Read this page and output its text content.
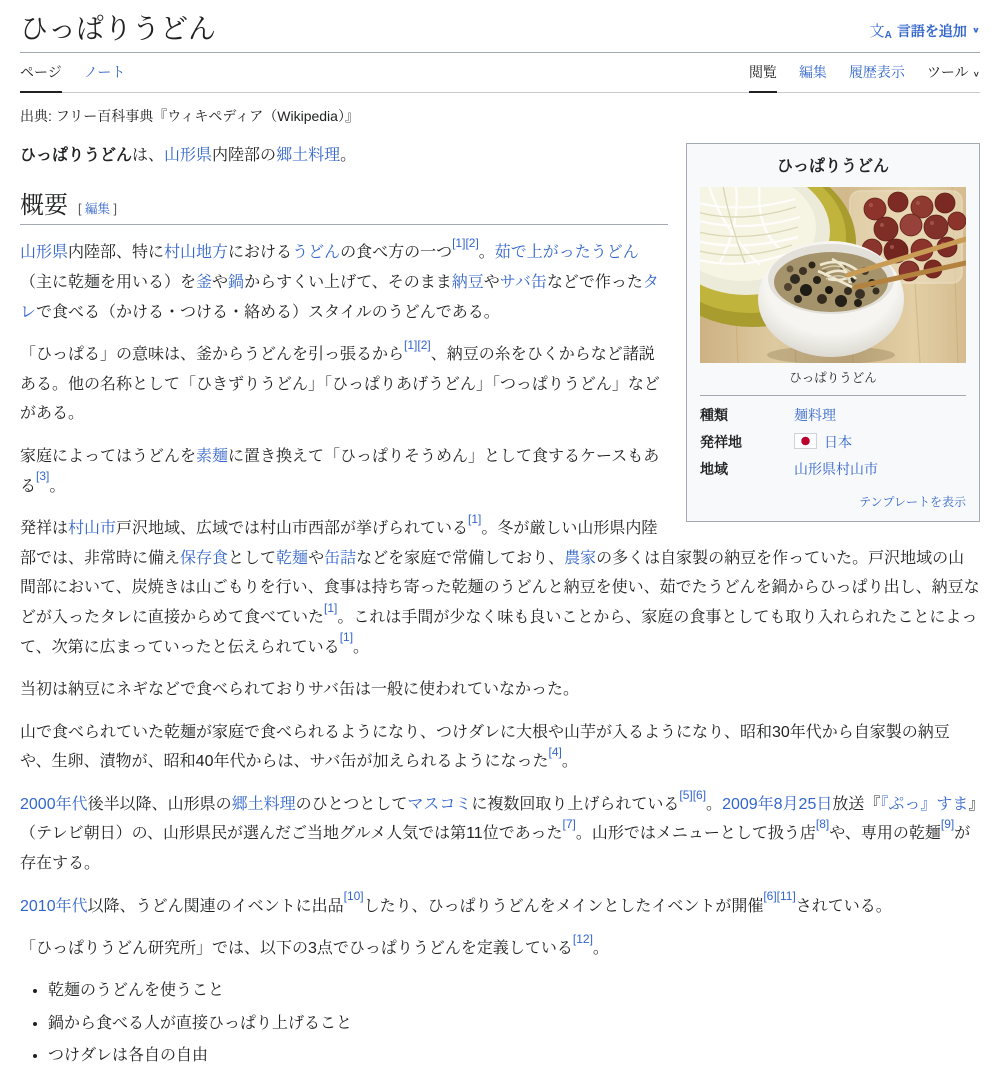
ひっぱりうどん	文$_A$ 言語を追加 ∨
ページ ノート	閲覧 編集 履歴表示 ツール ∨
出典: フリー百科事典『ウィキペディア（Wikipedia）』
ひっぱりうどん
ひっぱりうどん
種類	麺料理
発祥地	日本
地域	山形県村山市
テンプレートを表示

ひっぱりうどんは、山形県内陸部の郷土料理。

概要 [ 編集 ]

山形県内陸部、特に村山地方におけるうどんの食べ方の一つ[1][2]。茹で上がったうどん（主に乾麺を用いる）を釜や鍋からすくい上げて、そのまま納豆やサバ缶などで作ったタレで食べる（かける・つける・絡める）スタイルのうどんである。

「ひっぱる」の意味は、釜からうどんを引っ張るから[1][2]、納豆の糸をひくからなど諸説ある。他の名称として「ひきずりうどん」「ひっぱりあげうどん」「つっぱりうどん」などがある。

家庭によってはうどんを素麺に置き換えて「ひっぱりそうめん」として食するケースもある[3]。

発祥は村山市戸沢地域、広域では村山市西部が挙げられている[1]。冬が厳しい山形県内陸部では、非常時に備え保存食として乾麺や缶詰などを家庭で常備しており、農家の多くは自家製の納豆を作っていた。戸沢地域の山間部において、炭焼きは山ごもりを行い、食事は持ち寄った乾麺のうどんと納豆を使い、茹でたうどんを鍋からひっぱり出し、納豆などが入ったタレに直接からめて食べていた[1]。これは手間が少なく味も良いことから、家庭の食事としても取り入れられたことによって、次第に広まっていったと伝えられている[1]。

当初は納豆にネギなどで食べられておりサバ缶は一般に使われていなかった。

山で食べられていた乾麺が家庭で食べられるようになり、つけダレに大根や山芋が入るようになり、昭和30年代から自家製の納豆や、生卵、漬物が、昭和40年代からは、サバ缶が加えられるようになった[4]。

2000年代後半以降、山形県の郷土料理のひとつとしてマスコミに複数回取り上げられている[5][6]。2009年8月25日放送『『ぷっ』すま』（テレビ朝日）の、山形県民が選んだご当地グルメ人気では第11位であった[7]。山形ではメニューとして扱う店[8]や、専用の乾麺[9]が存在する。

2010年代以降、うどん関連のイベントに出品[10]したり、ひっぱりうどんをメインとしたイベントが開催[6][11]されている。

「ひっぱりうどん研究所」では、以下の3点でひっぱりうどんを定義している[12]。

• 乾麺のうどんを使うこと
• 鍋から食べる人が直接ひっぱり上げること
• つけダレは各自の自由
